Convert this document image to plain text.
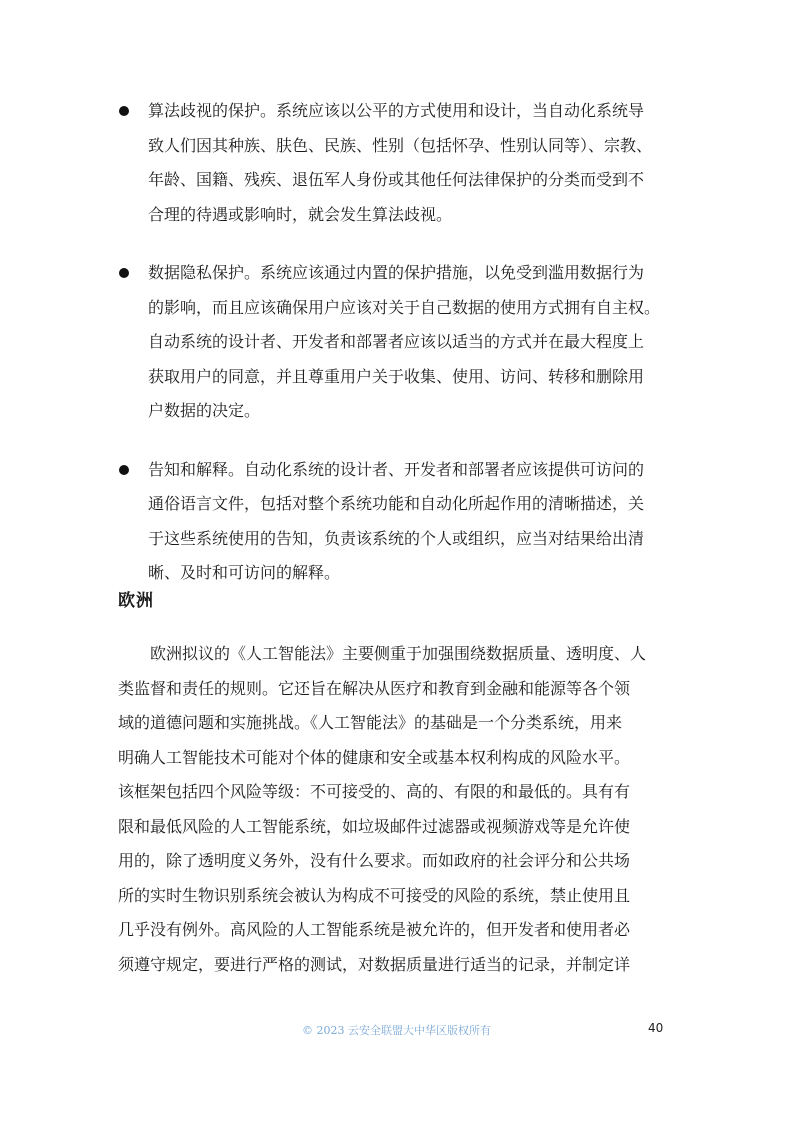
算法歧视的保护。系统应该以公平的方式使用和设计，当自动化系统导
致人们因其种族、肤色、民族、性别（包括怀孕、性别认同等）、宗教、
年龄、国籍、残疾、退伍军人身份或其他任何法律保护的分类而受到不
合理的待遇或影响时，就会发生算法歧视。
数据隐私保护。系统应该通过内置的保护措施，以免受到滥用数据行为
的影响，而且应该确保用户应该对关于自己数据的使用方式拥有自主权。
自动系统的设计者、开发者和部署者应该以适当的方式并在最大程度上
获取用户的同意，并且尊重用户关于收集、使用、访问、转移和删除用
户数据的决定。
告知和解释。自动化系统的设计者、开发者和部署者应该提供可访问的
通俗语言文件，包括对整个系统功能和自动化所起作用的清晰描述，关
于这些系统使用的告知，负责该系统的个人或组织，应当对结果给出清
晰、及时和可访问的解释。
欧洲

　　欧洲拟议的《人工智能法》主要侧重于加强围绕数据质量、透明度、人
类监督和责任的规则。它还旨在解决从医疗和教育到金融和能源等各个领
域的道德问题和实施挑战。《人工智能法》的基础是一个分类系统，用来
明确人工智能技术可能对个体的健康和安全或基本权利构成的风险水平。
该框架包括四个风险等级：不可接受的、高的、有限的和最低的。具有有
限和最低风险的人工智能系统，如垃圾邮件过滤器或视频游戏等是允许使
用的，除了透明度义务外，没有什么要求。而如政府的社会评分和公共场
所的实时生物识别系统会被认为构成不可接受的风险的系统，禁止使用且
几乎没有例外。高风险的人工智能系统是被允许的，但开发者和使用者必
须遵守规定，要进行严格的测试，对数据质量进行适当的记录，并制定详

© 2023 云安全联盟大中华区版权所有	40
